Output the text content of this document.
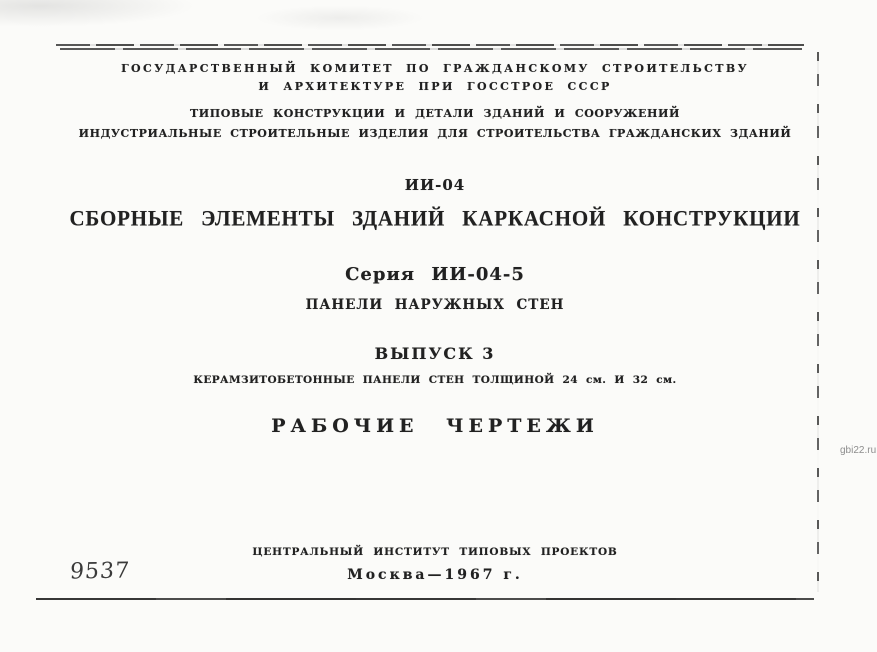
ГОСУДАРСТВЕННЫЙ КОМИТЕТ ПО ГРАЖДАНСКОМУ СТРОИТЕЛЬСТВУ
И АРХИТЕКТУРЕ ПРИ ГОССТРОЕ СССР
ТИПОВЫЕ КОНСТРУКЦИИ И ДЕТАЛИ ЗДАНИЙ И СООРУЖЕНИЙ
ИНДУСТРИАЛЬНЫЕ СТРОИТЕЛЬНЫЕ ИЗДЕЛИЯ ДЛЯ СТРОИТЕЛЬСТВА ГРАЖДАНСКИХ ЗДАНИЙ
ИИ-04
СБОРНЫЕ ЭЛЕМЕНТЫ ЗДАНИЙ КАРКАСНОЙ КОНСТРУКЦИИ
Серия ИИ-04-5
ПАНЕЛИ НАРУЖНЫХ СТЕН
ВЫПУСК 3
КЕРАМЗИТОБЕТОННЫЕ ПАНЕЛИ СТЕН ТОЛЩИНОЙ 24 см. И 32 см.
РАБОЧИЕ ЧЕРТЕЖИ
ЦЕНТРАЛЬНЫЙ ИНСТИТУТ ТИПОВЫХ ПРОЕКТОВ
Москва—1967 г.
9537
gbi22.ru
